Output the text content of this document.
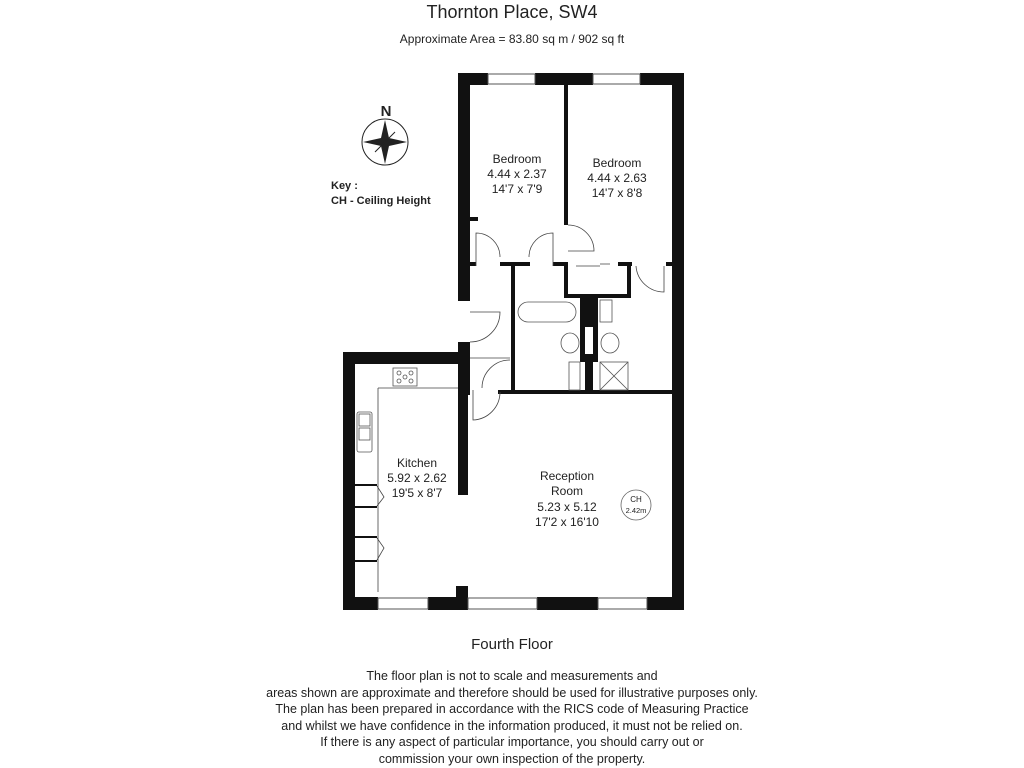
Thornton Place, SW4
Approximate Area = 83.80 sq m / 902 sq ft
Key :
CH - Ceiling Height
N
Bedroom
4.44 x 2.37
14'7 x 7'9
Bedroom
4.44 x 2.63
14'7 x 8'8
Kitchen
5.92 x 2.62
19'5 x 8'7
Reception
Room
5.23 x 5.12
17'2 x 16'10
CH
2.42m
Fourth Floor
The floor plan is not to scale and measurements and
areas shown are approximate and therefore should be used for illustrative purposes only.
The plan has been prepared in accordance with the RICS code of Measuring Practice
and whilst we have confidence in the information produced, it must not be relied on.
If there is any aspect of particular importance, you should carry out or
commission your own inspection of the property.
